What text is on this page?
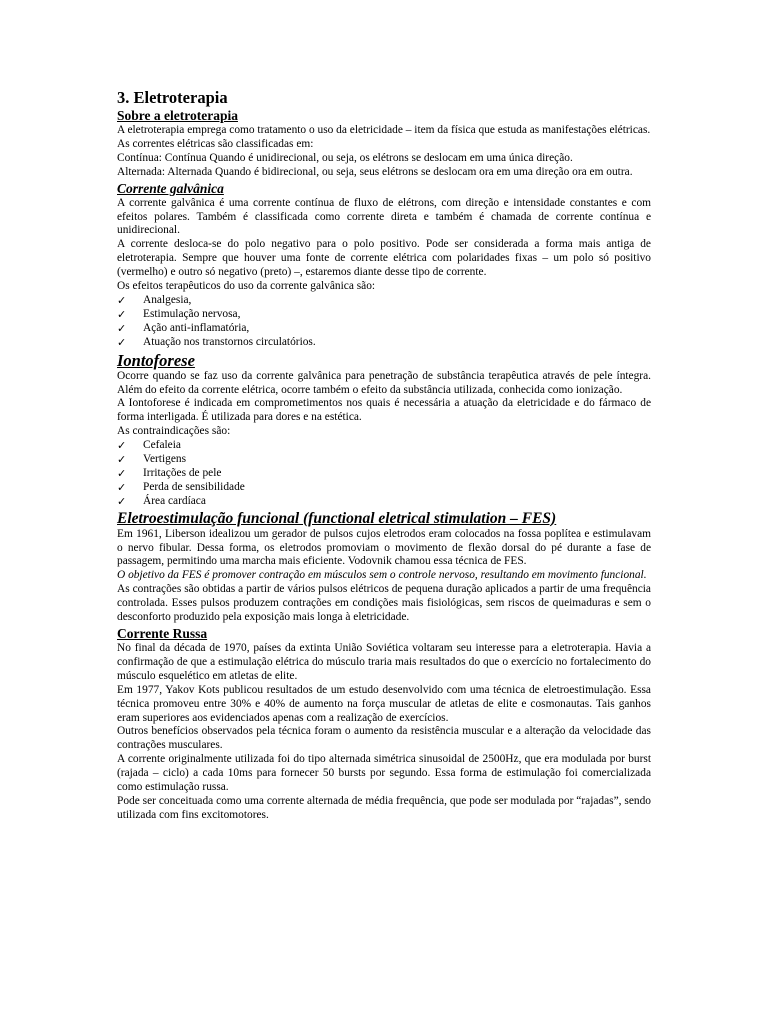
3. Eletroterapia
Sobre a eletroterapia

A eletroterapia emprega como tratamento o uso da eletricidade – item da física que estuda as manifestações elétricas.

As correntes elétricas são classificadas em:

Contínua: Contínua Quando é unidirecional, ou seja, os elétrons se deslocam em uma única direção.

Alternada: Alternada Quando é bidirecional, ou seja, seus elétrons se deslocam ora em uma direção ora em outra.

Corrente galvânica

A corrente galvânica é uma corrente contínua de fluxo de elétrons, com direção e intensidade constantes e com efeitos polares. Também é classificada como corrente direta e também é chamada de corrente contínua e unidirecional.

A corrente desloca-se do polo negativo para o polo positivo. Pode ser considerada a forma mais antiga de eletroterapia. Sempre que houver uma fonte de corrente elétrica com polaridades fixas – um polo só positivo (vermelho) e outro só negativo (preto) –, estaremos diante desse tipo de corrente.

Os efeitos terapêuticos do uso da corrente galvânica são:

✓	Analgesia,
✓	Estimulação nervosa,
✓	Ação anti-inflamatória,
✓	Atuação nos transtornos circulatórios.
Iontoforese

Ocorre quando se faz uso da corrente galvânica para penetração de substância terapêutica através de pele íntegra. Além do efeito da corrente elétrica, ocorre também o efeito da substância utilizada, conhecida como ionização.

A Iontoforese é indicada em comprometimentos nos quais é necessária a atuação da eletricidade e do fármaco de forma interligada. É utilizada para dores e na estética.

As contraindicações são:

✓	Cefaleia
✓	Vertigens
✓	Irritações de pele
✓	Perda de sensibilidade
✓	Área cardíaca
Eletroestimulação funcional (functional eletrical stimulation – FES)

Em 1961, Liberson idealizou um gerador de pulsos cujos eletrodos eram colocados na fossa poplítea e estimulavam o nervo fibular. Dessa forma, os eletrodos promoviam o movimento de flexão dorsal do pé durante a fase de passagem, permitindo uma marcha mais eficiente. Vodovnik chamou essa técnica de FES.

O objetivo da FES é promover contração em músculos sem o controle nervoso, resultando em movimento funcional.

As contrações são obtidas a partir de vários pulsos elétricos de pequena duração aplicados a partir de uma frequência controlada. Esses pulsos produzem contrações em condições mais fisiológicas, sem riscos de queimaduras e sem o desconforto produzido pela exposição mais longa à eletricidade.

Corrente Russa

No final da década de 1970, países da extinta União Soviética voltaram seu interesse para a eletroterapia. Havia a confirmação de que a estimulação elétrica do músculo traria mais resultados do que o exercício no fortalecimento do músculo esquelético em atletas de elite.

Em 1977, Yakov Kots publicou resultados de um estudo desenvolvido com uma técnica de eletroestimulação. Essa técnica promoveu entre 30% e 40% de aumento na força muscular de atletas de elite e cosmonautas. Tais ganhos eram superiores aos evidenciados apenas com a realização de exercícios.

Outros benefícios observados pela técnica foram o aumento da resistência muscular e a alteração da velocidade das contrações musculares.

A corrente originalmente utilizada foi do tipo alternada simétrica sinusoidal de 2500Hz, que era modulada por burst (rajada – ciclo) a cada 10ms para fornecer 50 bursts por segundo. Essa forma de estimulação foi comercializada como estimulação russa.

Pode ser conceituada como uma corrente alternada de média frequência, que pode ser modulada por “rajadas”, sendo utilizada com fins excitomotores.
